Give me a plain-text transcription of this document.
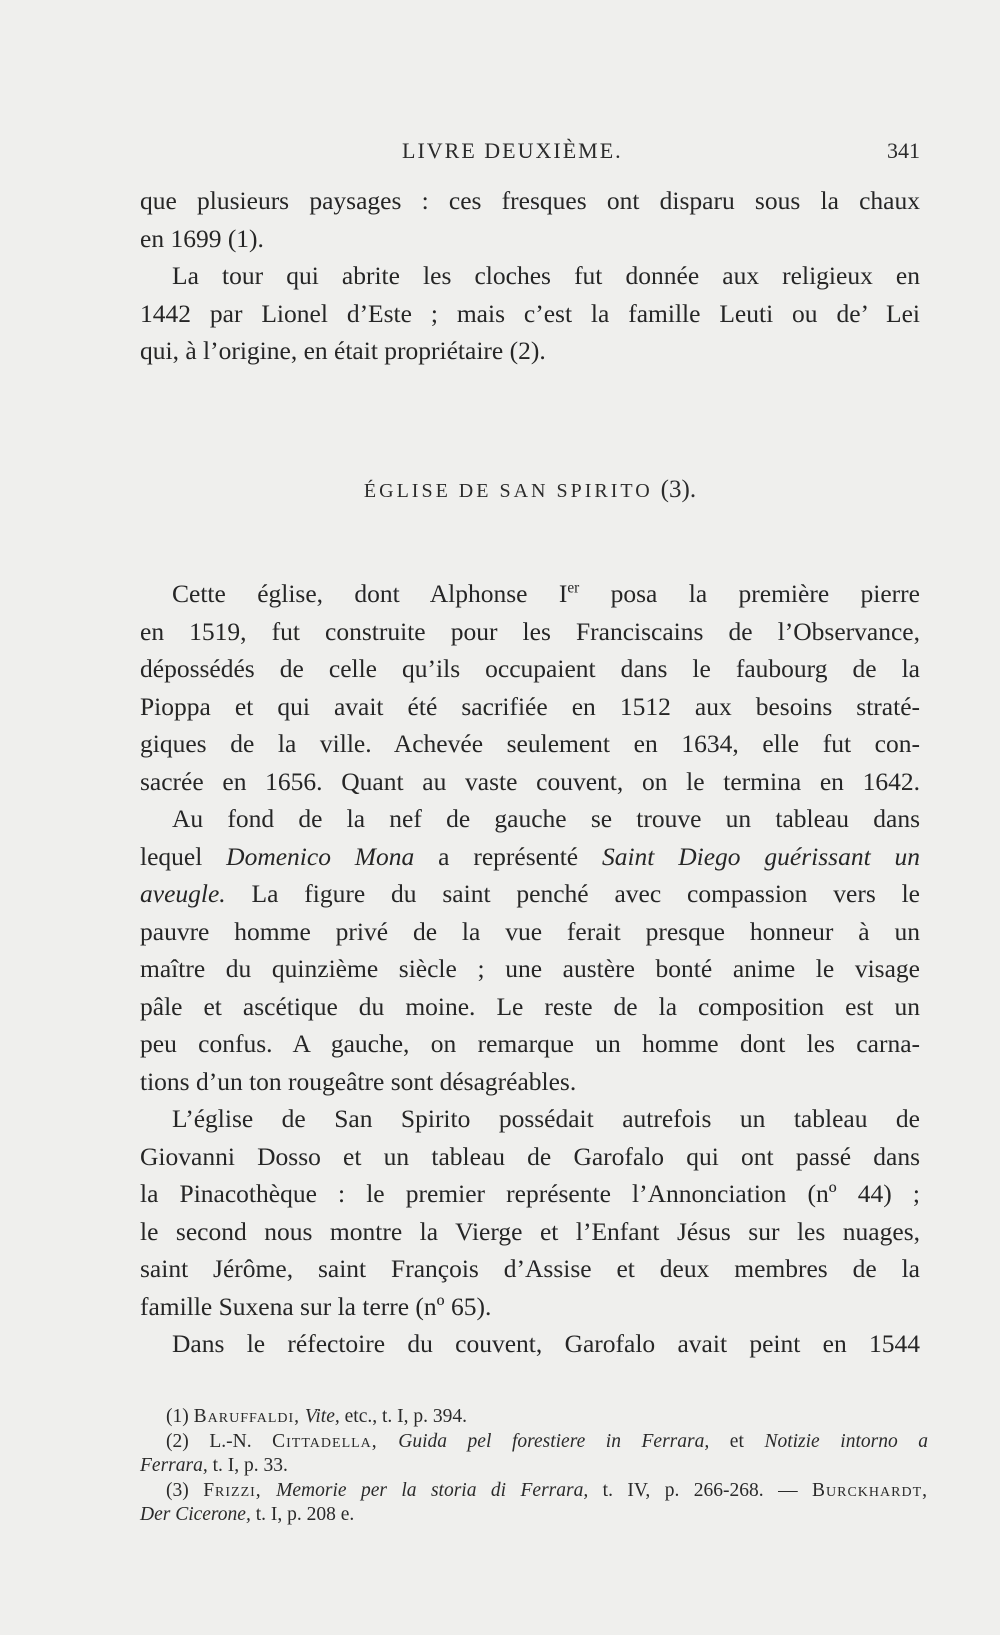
LIVRE DEUXIÈME.	341
que plusieurs paysages : ces fresques ont disparu sous la chaux
en 1699 (1).
La tour qui abrite les cloches fut donnée aux religieux en
1442 par Lionel d’Este ; mais c’est la famille Leuti ou de’ Lei
qui, à l’origine, en était propriétaire (2).
ÉGLISE DE SAN SPIRITO (3).
Cette église, dont Alphonse Ier posa la première pierre
en 1519, fut construite pour les Franciscains de l’Observance,
dépossédés de celle qu’ils occupaient dans le faubourg de la
Pioppa et qui avait été sacrifiée en 1512 aux besoins straté-
giques de la ville. Achevée seulement en 1634, elle fut con-
sacrée en 1656. Quant au vaste couvent, on le termina en 1642.
Au fond de la nef de gauche se trouve un tableau dans
lequel Domenico Mona a représenté Saint Diego guérissant un
aveugle. La figure du saint penché avec compassion vers le
pauvre homme privé de la vue ferait presque honneur à un
maître du quinzième siècle ; une austère bonté anime le visage
pâle et ascétique du moine. Le reste de la composition est un
peu confus. A gauche, on remarque un homme dont les carna-
tions d’un ton rougeâtre sont désagréables.
L’église de San Spirito possédait autrefois un tableau de
Giovanni Dosso et un tableau de Garofalo qui ont passé dans
la Pinacothèque : le premier représente l’Annonciation (nº 44) ;
le second nous montre la Vierge et l’Enfant Jésus sur les nuages,
saint Jérôme, saint François d’Assise et deux membres de la
famille Suxena sur la terre (nº 65).
Dans le réfectoire du couvent, Garofalo avait peint en 1544
(1) Baruffaldi, Vite, etc., t. I, p. 394.
(2) L.-N. Cittadella, Guida pel forestiere in Ferrara, et Notizie intorno a
Ferrara, t. I, p. 33.
(3) Frizzi, Memorie per la storia di Ferrara, t. IV, p. 266-268. — Burckhardt,
Der Cicerone, t. I, p. 208 e.
